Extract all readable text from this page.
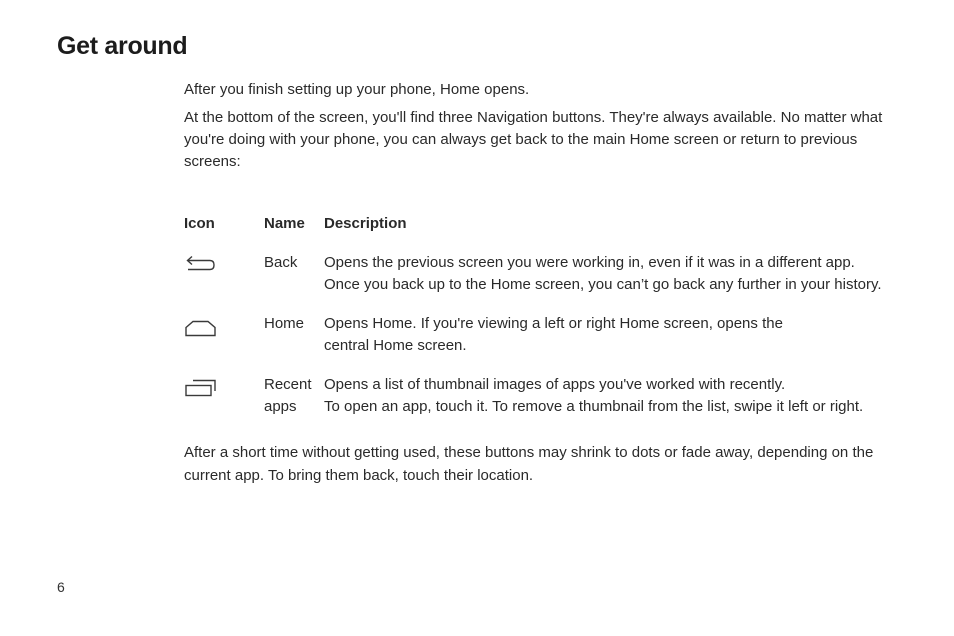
Get around

After you finish setting up your phone, Home opens.

At the bottom of the screen, you'll find three Navigation buttons. They're always available. No matter what you're doing with your phone, you can always get back to the main Home screen or return to previous screens:

Icon	Name	Description

	Back	Opens the previous screen you were working in, even if it was in a different app.
Once you back up to the Home screen, you can’t go back any further in your history.

	Home	Opens Home. If you're viewing a left or right Home screen, opens the central Home screen.

	Recent apps	Opens a list of thumbnail images of apps you've worked with recently.
To open an app, touch it. To remove a thumbnail from the list, swipe it left or right.

After a short time without getting used, these buttons may shrink to dots or fade away, depending on the current app. To bring them back, touch their location.

6
